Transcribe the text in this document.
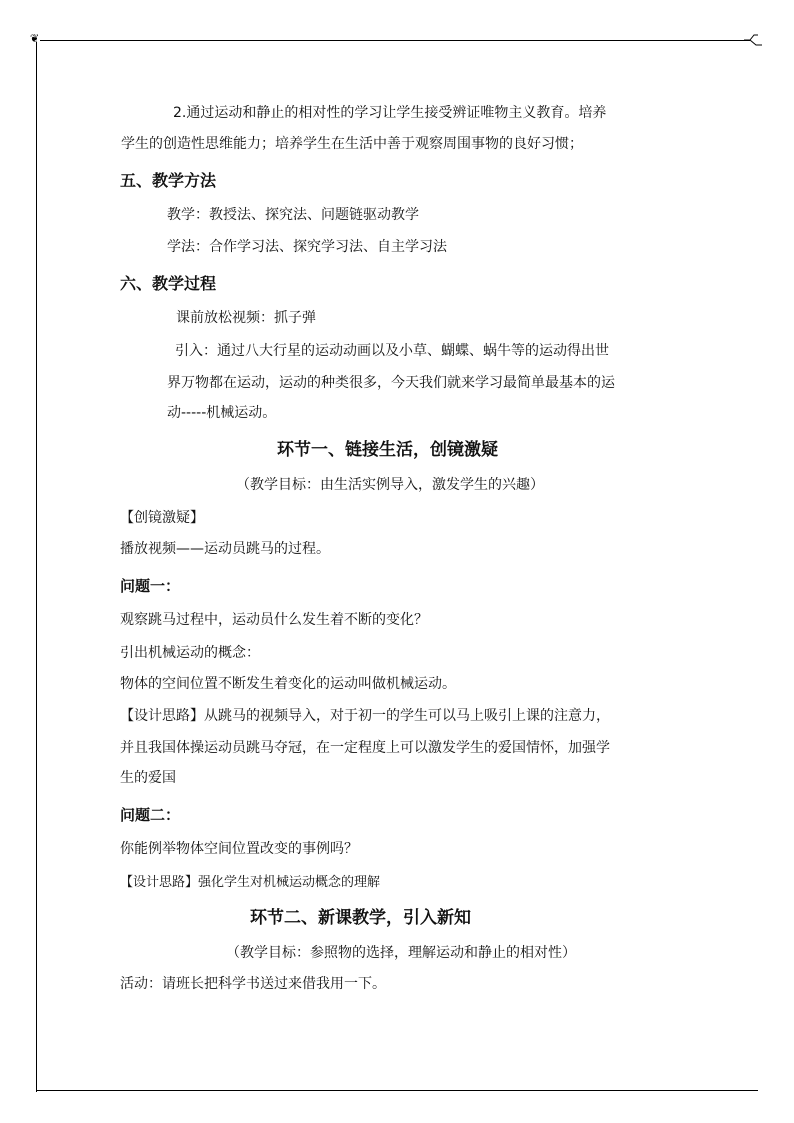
❦
2.通过运动和静止的相对性的学习让学生接受辨证唯物主义教育。培养
学生的创造性思维能力；培养学生在生活中善于观察周围事物的良好习惯；
五、教学方法
教学：教授法、探究法、问题链驱动教学
学法：合作学习法、探究学习法、自主学习法
六、教学过程
课前放松视频：抓子弹
引入：通过八大行星的运动动画以及小草、蝴蝶、蜗牛等的运动得出世
界万物都在运动，运动的种类很多，今天我们就来学习最简单最基本的运
动-----机械运动。
环节一、链接生活，创镜激疑
（教学目标：由生活实例导入，激发学生的兴趣）
【创镜激疑】
播放视频——运动员跳马的过程。
问题一：
观察跳马过程中，运动员什么发生着不断的变化？
引出机械运动的概念：
物体的空间位置不断发生着变化的运动叫做机械运动。
【设计思路】从跳马的视频导入，对于初一的学生可以马上吸引上课的注意力，
并且我国体操运动员跳马夺冠，在一定程度上可以激发学生的爱国情怀，加强学
生的爱国
问题二：
你能例举物体空间位置改变的事例吗？
【设计思路】强化学生对机械运动概念的理解
环节二、新课教学，引入新知
（教学目标：参照物的选择，理解运动和静止的相对性）
活动：请班长把科学书送过来借我用一下。
